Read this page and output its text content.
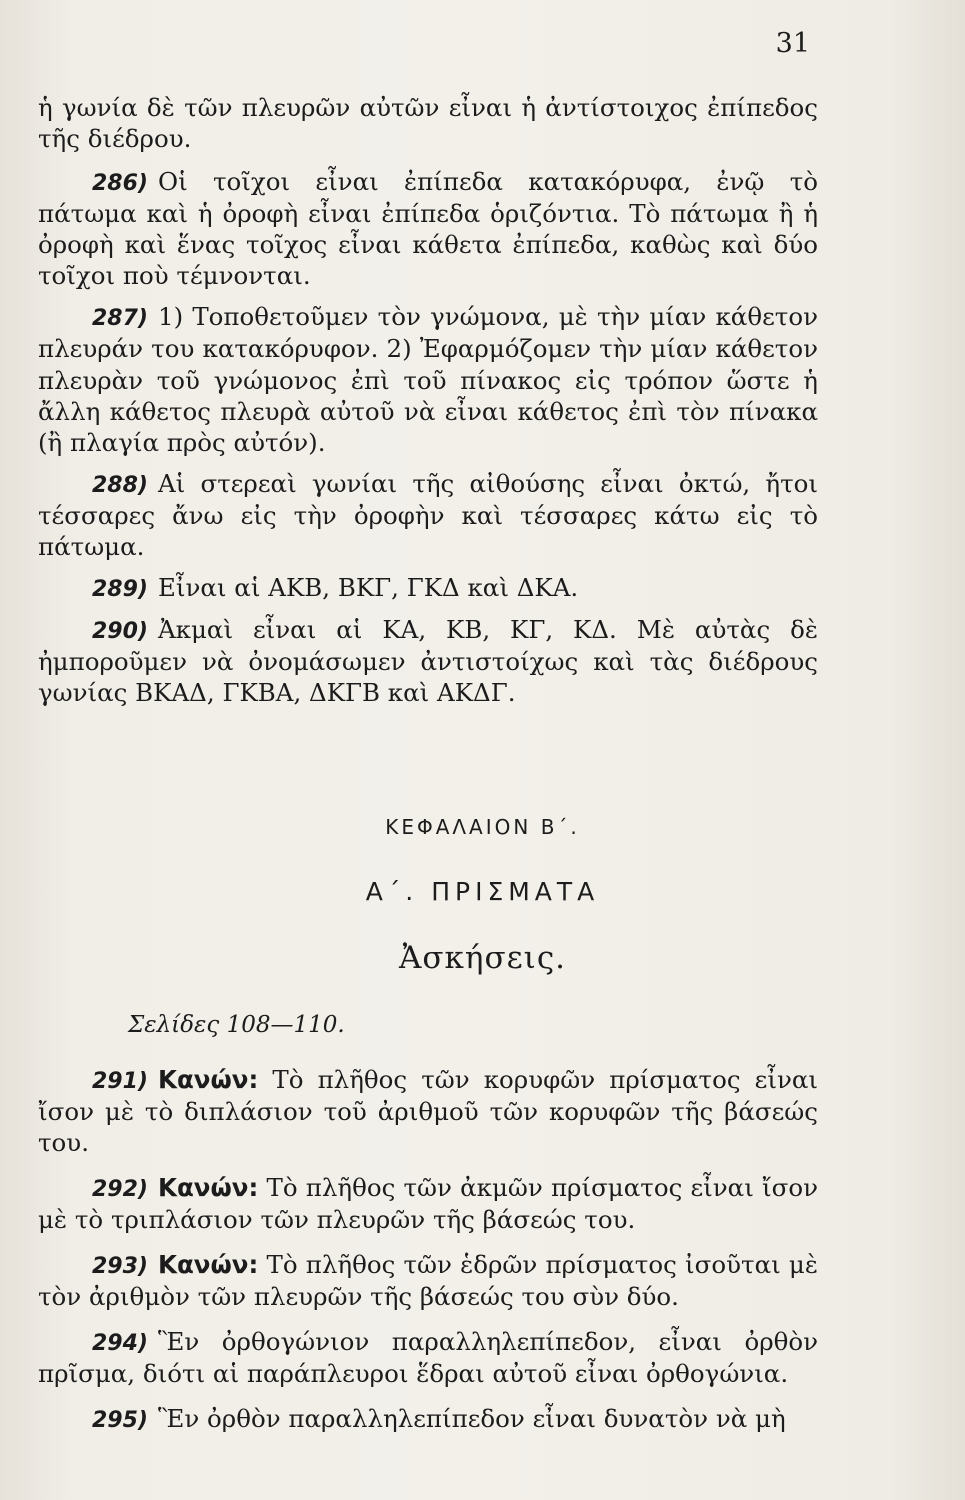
31

ἡ γωνία δὲ τῶν πλευρῶν αὐτῶν εἶναι ἡ ἀντίστοιχος ἐπίπεδος τῆς διέδρου.

286) Οἱ τοῖχοι εἶναι ἐπίπεδα κατακόρυφα, ἐνῷ τὸ πάτωμα καὶ ἡ ὀροφὴ εἶναι ἐπίπεδα ὁριζόντια. Τὸ πάτωμα ἢ ἡ ὀροφὴ καὶ ἕνας τοῖχος εἶναι κάθετα ἐπίπεδα, καθὼς καὶ δύο τοῖχοι ποὺ τέμνονται.

287) 1) Τοποθετοῦμεν τὸν γνώμονα, μὲ τὴν μίαν κάθετον πλευράν του κατακόρυφον. 2) Ἐφαρμόζομεν τὴν μίαν κάθετον πλευρὰν τοῦ γνώμονος ἐπὶ τοῦ πίνακος εἰς τρόπον ὥστε ἡ ἄλλη κάθετος πλευρὰ αὐτοῦ νὰ εἶναι κάθετος ἐπὶ τὸν πίνακα (ἢ πλαγία πρὸς αὐτόν).

288) Αἱ στερεαὶ γωνίαι τῆς αἰθούσης εἶναι ὀκτώ, ἤτοι τέσσαρες ἄνω εἰς τὴν ὀροφὴν καὶ τέσσαρες κάτω εἰς τὸ πάτωμα.

289) Εἶναι αἱ ΑΚΒ, ΒΚΓ, ΓΚΔ καὶ ΔΚΑ.

290) Ἀκμαὶ εἶναι αἱ ΚΑ, ΚΒ, ΚΓ, ΚΔ. Μὲ αὐτὰς δὲ ἠμποροῦμεν νὰ ὀνομάσωμεν ἀντιστοίχως καὶ τὰς διέδρους γωνίας ΒΚΑΔ, ΓΚΒΑ, ΔΚΓΒ καὶ ΑΚΔΓ.

ΚΕΦΑΛΑΙΟΝ Β΄.
Α΄. ΠΡΙΣΜΑΤΑ
Ἀσκήσεις.
Σελίδες 108—110.

291) Κανών: Τὸ πλῆθος τῶν κορυφῶν πρίσματος εἶναι ἴσον μὲ τὸ διπλάσιον τοῦ ἀριθμοῦ τῶν κορυφῶν τῆς βάσεώς του.

292) Κανών: Τὸ πλῆθος τῶν ἀκμῶν πρίσματος εἶναι ἴσον μὲ τὸ τριπλάσιον τῶν πλευρῶν τῆς βάσεώς του.

293) Κανών: Τὸ πλῆθος τῶν ἑδρῶν πρίσματος ἰσοῦται μὲ τὸν ἀριθμὸν τῶν πλευρῶν τῆς βάσεώς του σὺν δύο.

294) Ἓν ὀρθογώνιον παραλληλεπίπεδον, εἶναι ὀρθὸν πρῖσμα, διότι αἱ παράπλευροι ἕδραι αὐτοῦ εἶναι ὀρθογώνια.

295) Ἓν ὀρθὸν παραλληλεπίπεδον εἶναι δυνατὸν νὰ μὴ
